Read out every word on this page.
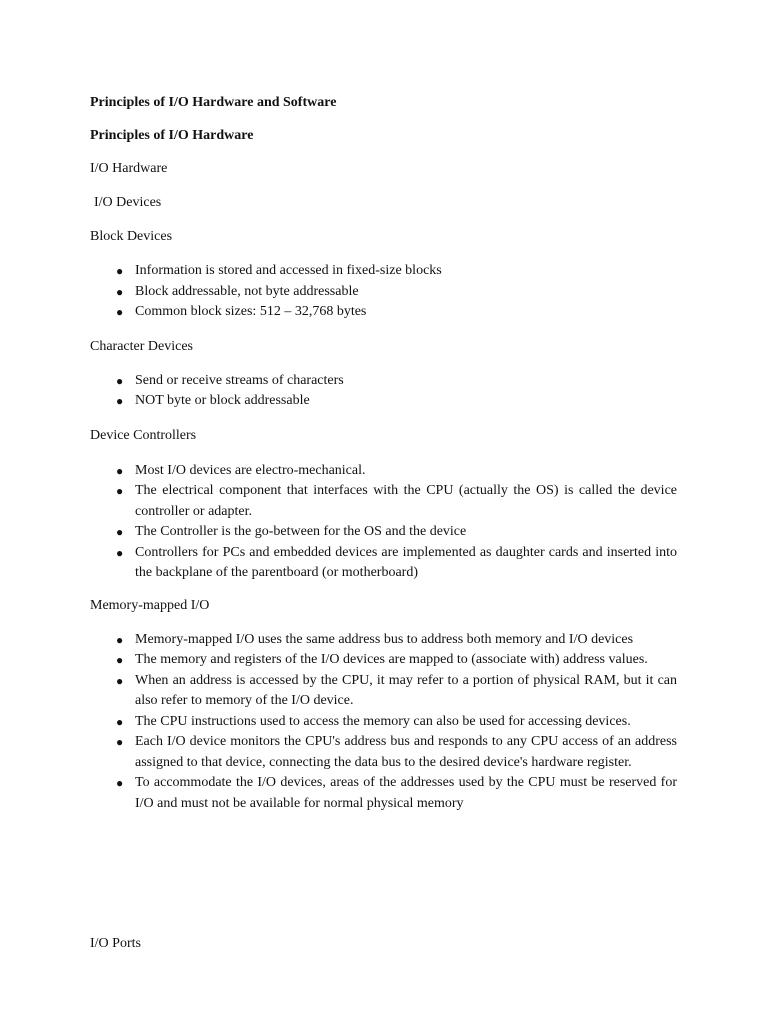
Principles of I/O Hardware and Software

Principles of I/O Hardware

I/O Hardware

I/O Devices

Block Devices

● Information is stored and accessed in fixed-size blocks
● Block addressable, not byte addressable
● Common block sizes: 512 – 32,768 bytes

Character Devices

● Send or receive streams of characters
● NOT byte or block addressable

Device Controllers

● Most I/O devices are electro-mechanical.
● The electrical component that interfaces with the CPU (actually the OS) is called the device controller or adapter.
● The Controller is the go-between for the OS and the device
● Controllers for PCs and embedded devices are implemented as daughter cards and inserted into the backplane of the parentboard (or motherboard)

Memory-mapped I/O

● Memory-mapped I/O uses the same address bus to address both memory and I/O devices
● The memory and registers of the I/O devices are mapped to (associate with) address values.
● When an address is accessed by the CPU, it may refer to a portion of physical RAM, but it can also refer to memory of the I/O device.
● The CPU instructions used to access the memory can also be used for accessing devices.
● Each I/O device monitors the CPU's address bus and responds to any CPU access of an address assigned to that device, connecting the data bus to the desired device's hardware register.
● To accommodate the I/O devices, areas of the addresses used by the CPU must be reserved for I/O and must not be available for normal physical memory

I/O Ports
